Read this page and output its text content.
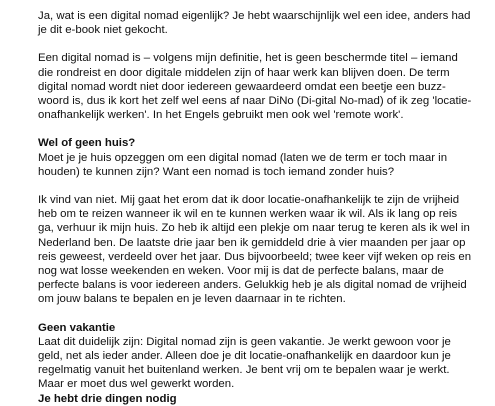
Ja, wat is een digital nomad eigenlijk? Je hebt waarschijnlijk wel een idee, anders had je dit e-book niet gekocht.

Een digital nomad is – volgens mijn definitie, het is geen beschermde titel – iemand die rondreist en door digitale middelen zijn of haar werk kan blijven doen. De term digital nomad wordt niet door iedereen gewaardeerd omdat een beetje een buzz-woord is, dus ik kort het zelf wel eens af naar DiNo (Di-gital No-mad) of ik zeg 'locatie-onafhankelijk werken'. In het Engels gebruikt men ook wel 'remote work'.

Wel of geen huis?

Moet je je huis opzeggen om een digital nomad (laten we de term er toch maar in houden) te kunnen zijn? Want een nomad is toch iemand zonder huis?

Ik vind van niet. Mij gaat het erom dat ik door locatie-onafhankelijk te zijn de vrijheid heb om te reizen wanneer ik wil en te kunnen werken waar ik wil. Als ik lang op reis ga, verhuur ik mijn huis. Zo heb ik altijd een plekje om naar terug te keren als ik wel in Nederland ben. De laatste drie jaar ben ik gemiddeld drie à vier maanden per jaar op reis geweest, verdeeld over het jaar. Dus bijvoorbeeld; twee keer vijf weken op reis en nog wat losse weekenden en weken. Voor mij is dat de perfecte balans, maar de perfecte balans is voor iedereen anders. Gelukkig heb je als digital nomad de vrijheid om jouw balans te bepalen en je leven daarnaar in te richten.

Geen vakantie

Laat dit duidelijk zijn: Digital nomad zijn is geen vakantie. Je werkt gewoon voor je geld, net als ieder ander. Alleen doe je dit locatie-onafhankelijk en daardoor kun je regelmatig vanuit het buitenland werken. Je bent vrij om te bepalen waar je werkt. Maar er moet dus wel gewerkt worden.

Je hebt drie dingen nodig
